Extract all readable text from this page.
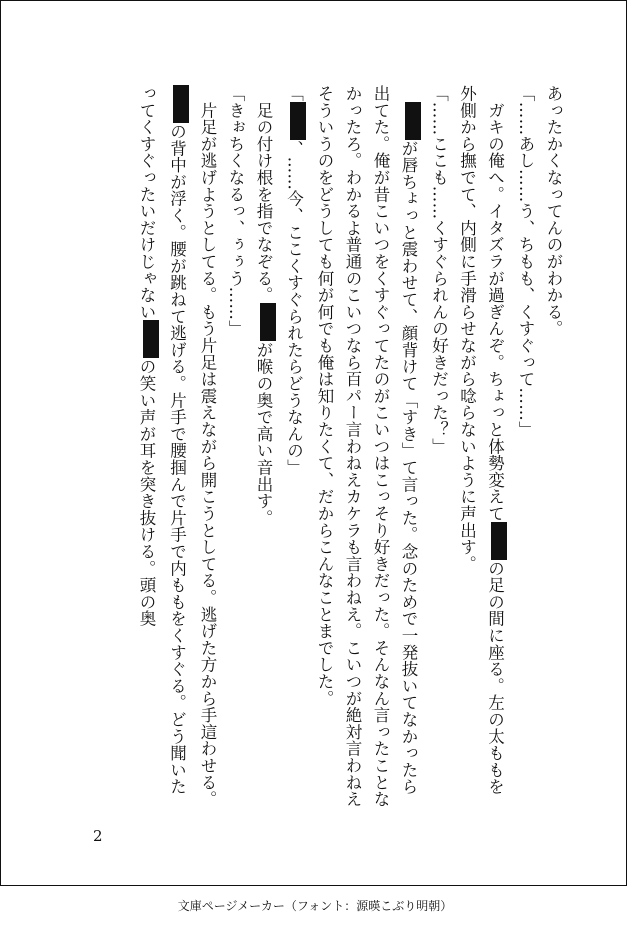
あったかくなってんのがわかる。
「……あし……う、ちもも、くすぐって……」
　ガキの俺へ。イタズラが過ぎんぞ。ちょっと体勢変えての足の間に座る。左の太ももを外側から撫でて、内側に手滑らせながら唸らないように声出す。
「……ここも……くすぐられんの好きだった？」
　が唇ちょっと震わせて、顔背けて「すき」て言った。念のためで一発抜いてなかったら出てた。俺が昔こいつをくすぐってたのがこいつはこっそり好きだった。そんなん言ったことなかったろ。わかるよ普通のこいつなら百パー言わねえカケラも言わねえ。こいつが絶対言わねえそういうのをどうしても何が何でも俺は知りたくて、だからこんなことまでした。
「、……今、ここくすぐられたらどうなんの」
　足の付け根を指でなぞる。が喉の奥で高い音出す。
「きぉちくなるっ、ぅぅう……」
　片足が逃げようとしてる。もう片足は震えながら開こうとしてる。逃げた方から手這わせる。の背中が浮く。腰が跳ねて逃げる。片手で腰掴んで片手で内ももをくすぐる。どう聞いたってくすぐったいだけじゃないの笑い声が耳を突き抜ける。頭の奥
2
文庫ページメーカー（フォント：源暎こぶり明朝）
